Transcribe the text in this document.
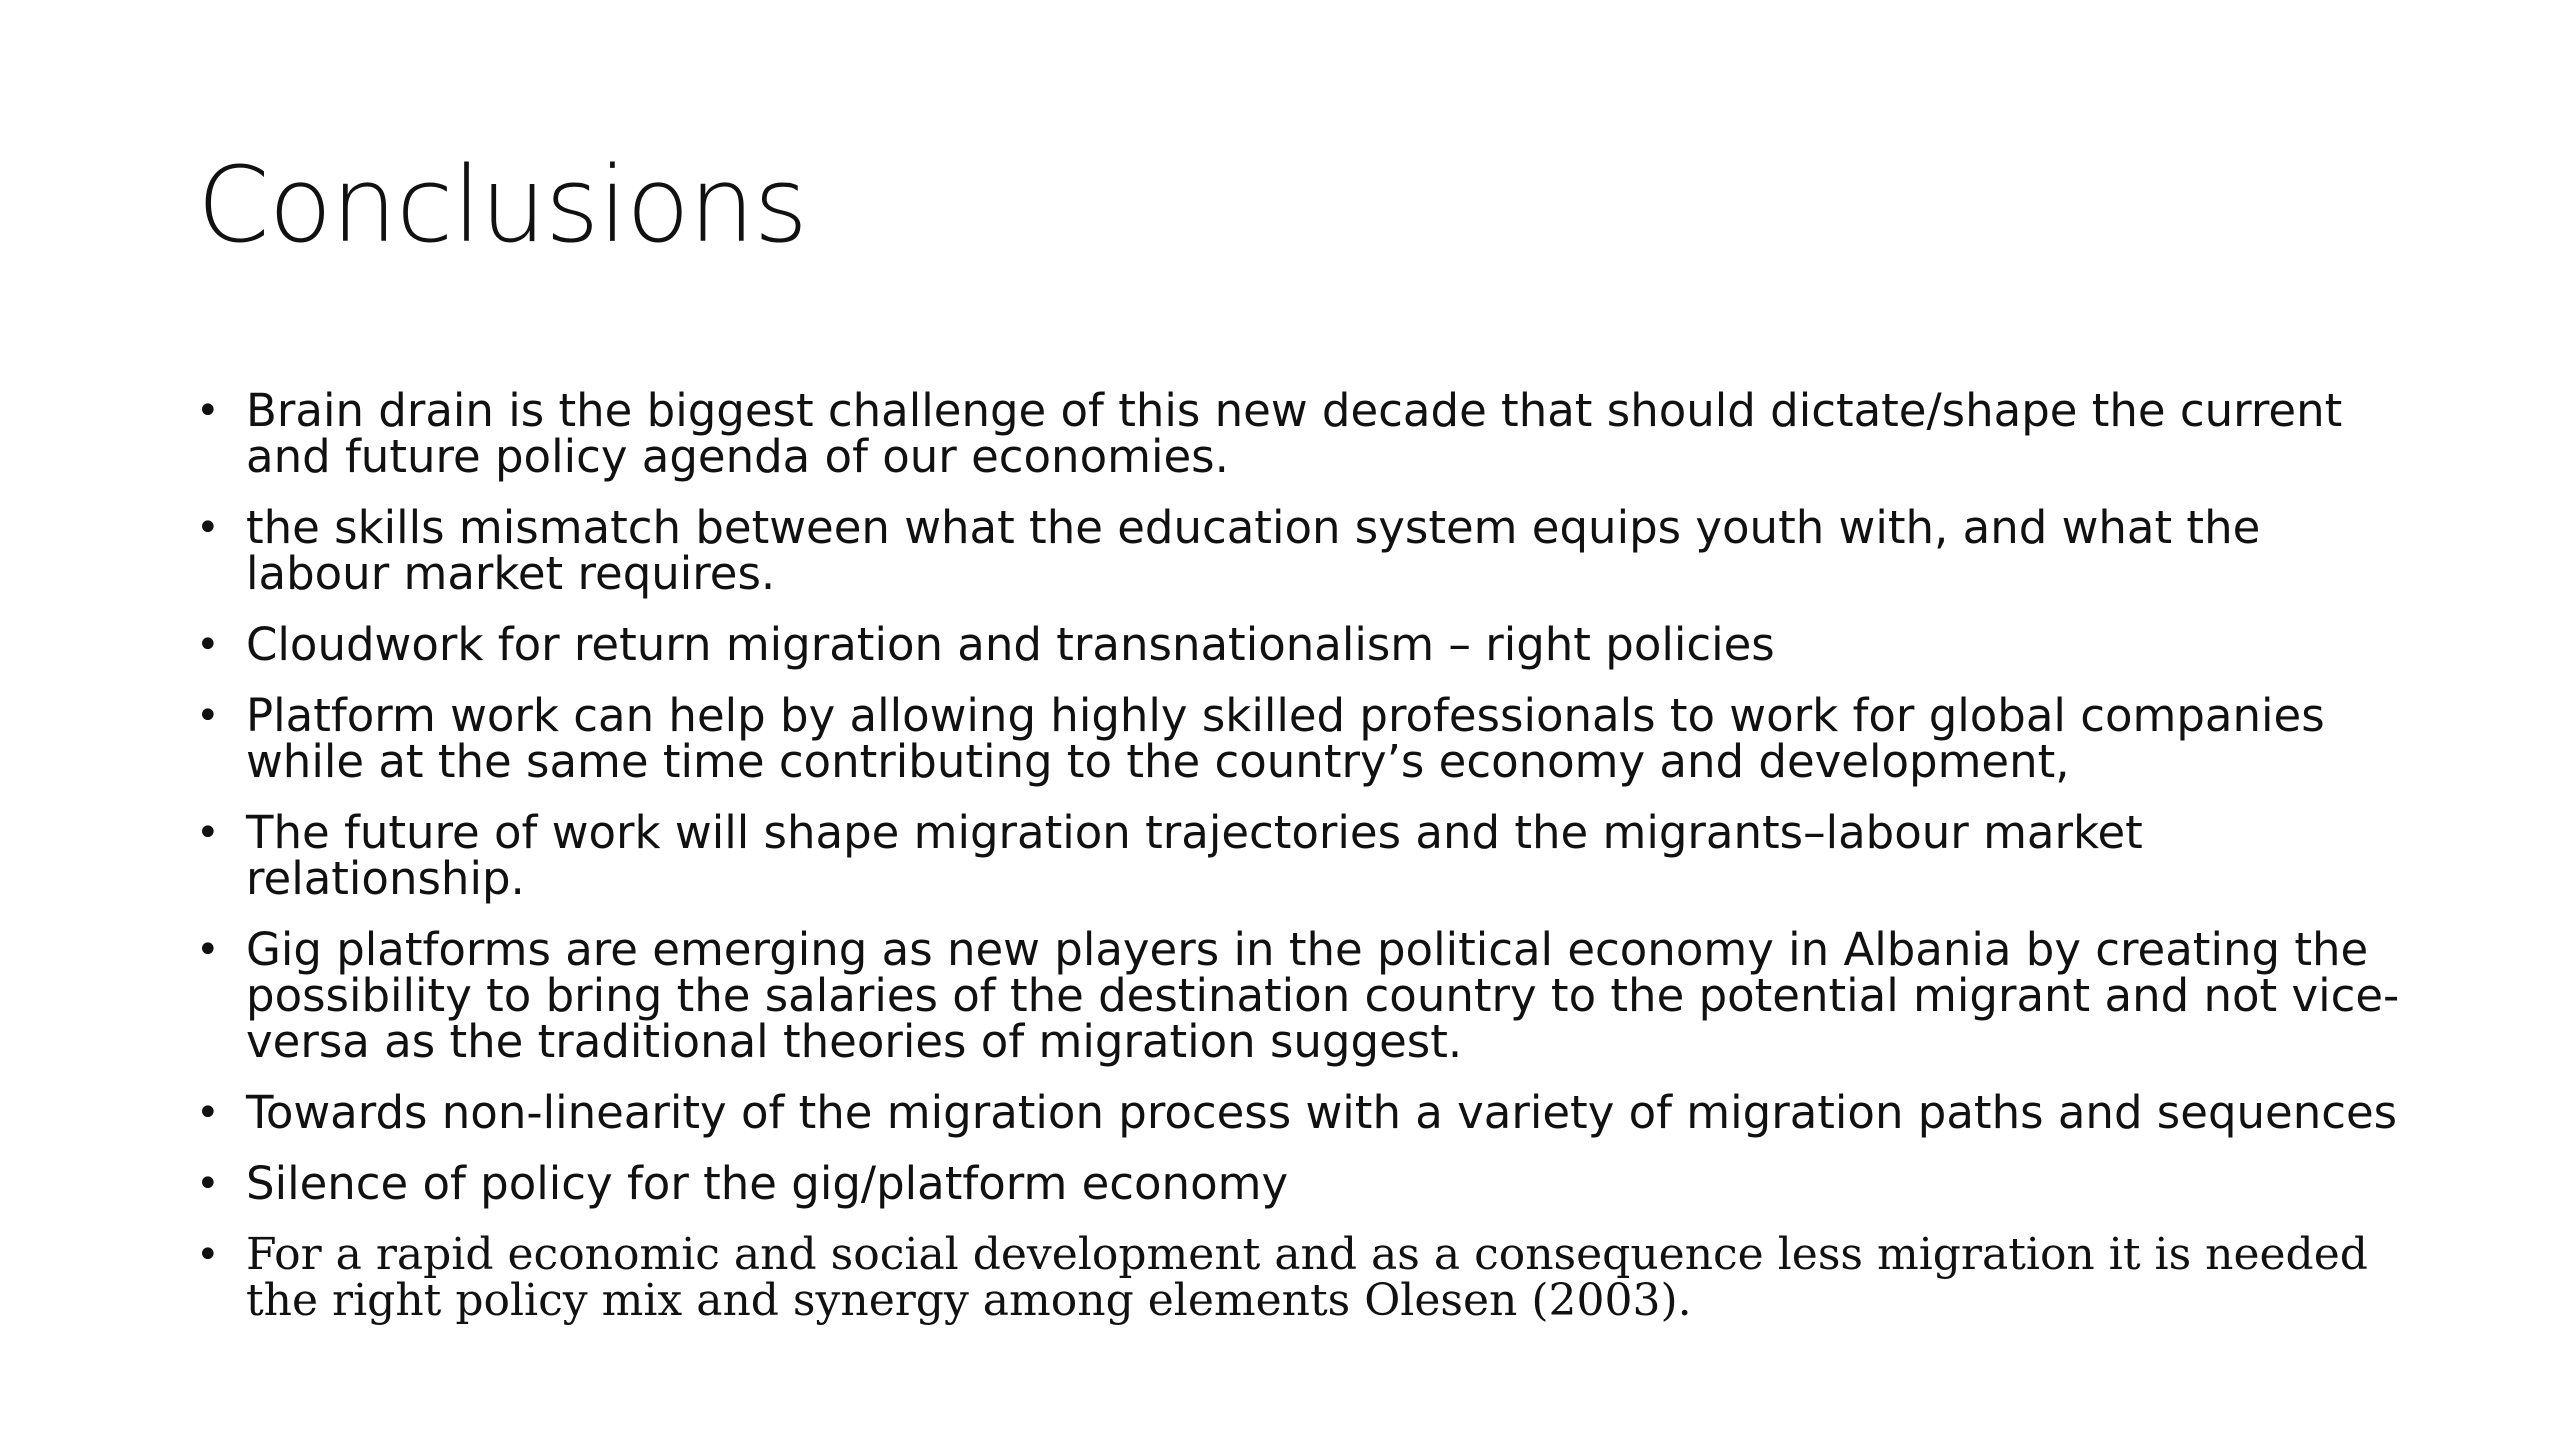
Conclusions
• Brain drain is the biggest challenge of this new decade that should dictate/shape the current and future policy agenda of our economies.
• the skills mismatch between what the education system equips youth with, and what the labour market requires.
• Cloudwork for return migration and transnationalism – right policies
• Platform work can help by allowing highly skilled professionals to work for global companies while at the same time contributing to the country’s economy and development,
• The future of work will shape migration trajectories and the migrants–labour market relationship.
• Gig platforms are emerging as new players in the political economy in Albania by creating the possibility to bring the salaries of the destination country to the potential migrant and not vice-versa as the traditional theories of migration suggest.
• Towards non-linearity of the migration process with a variety of migration paths and sequences
• Silence of policy for the gig/platform economy
• For a rapid economic and social development and as a consequence less migration it is needed the right policy mix and synergy among elements Olesen (2003).
